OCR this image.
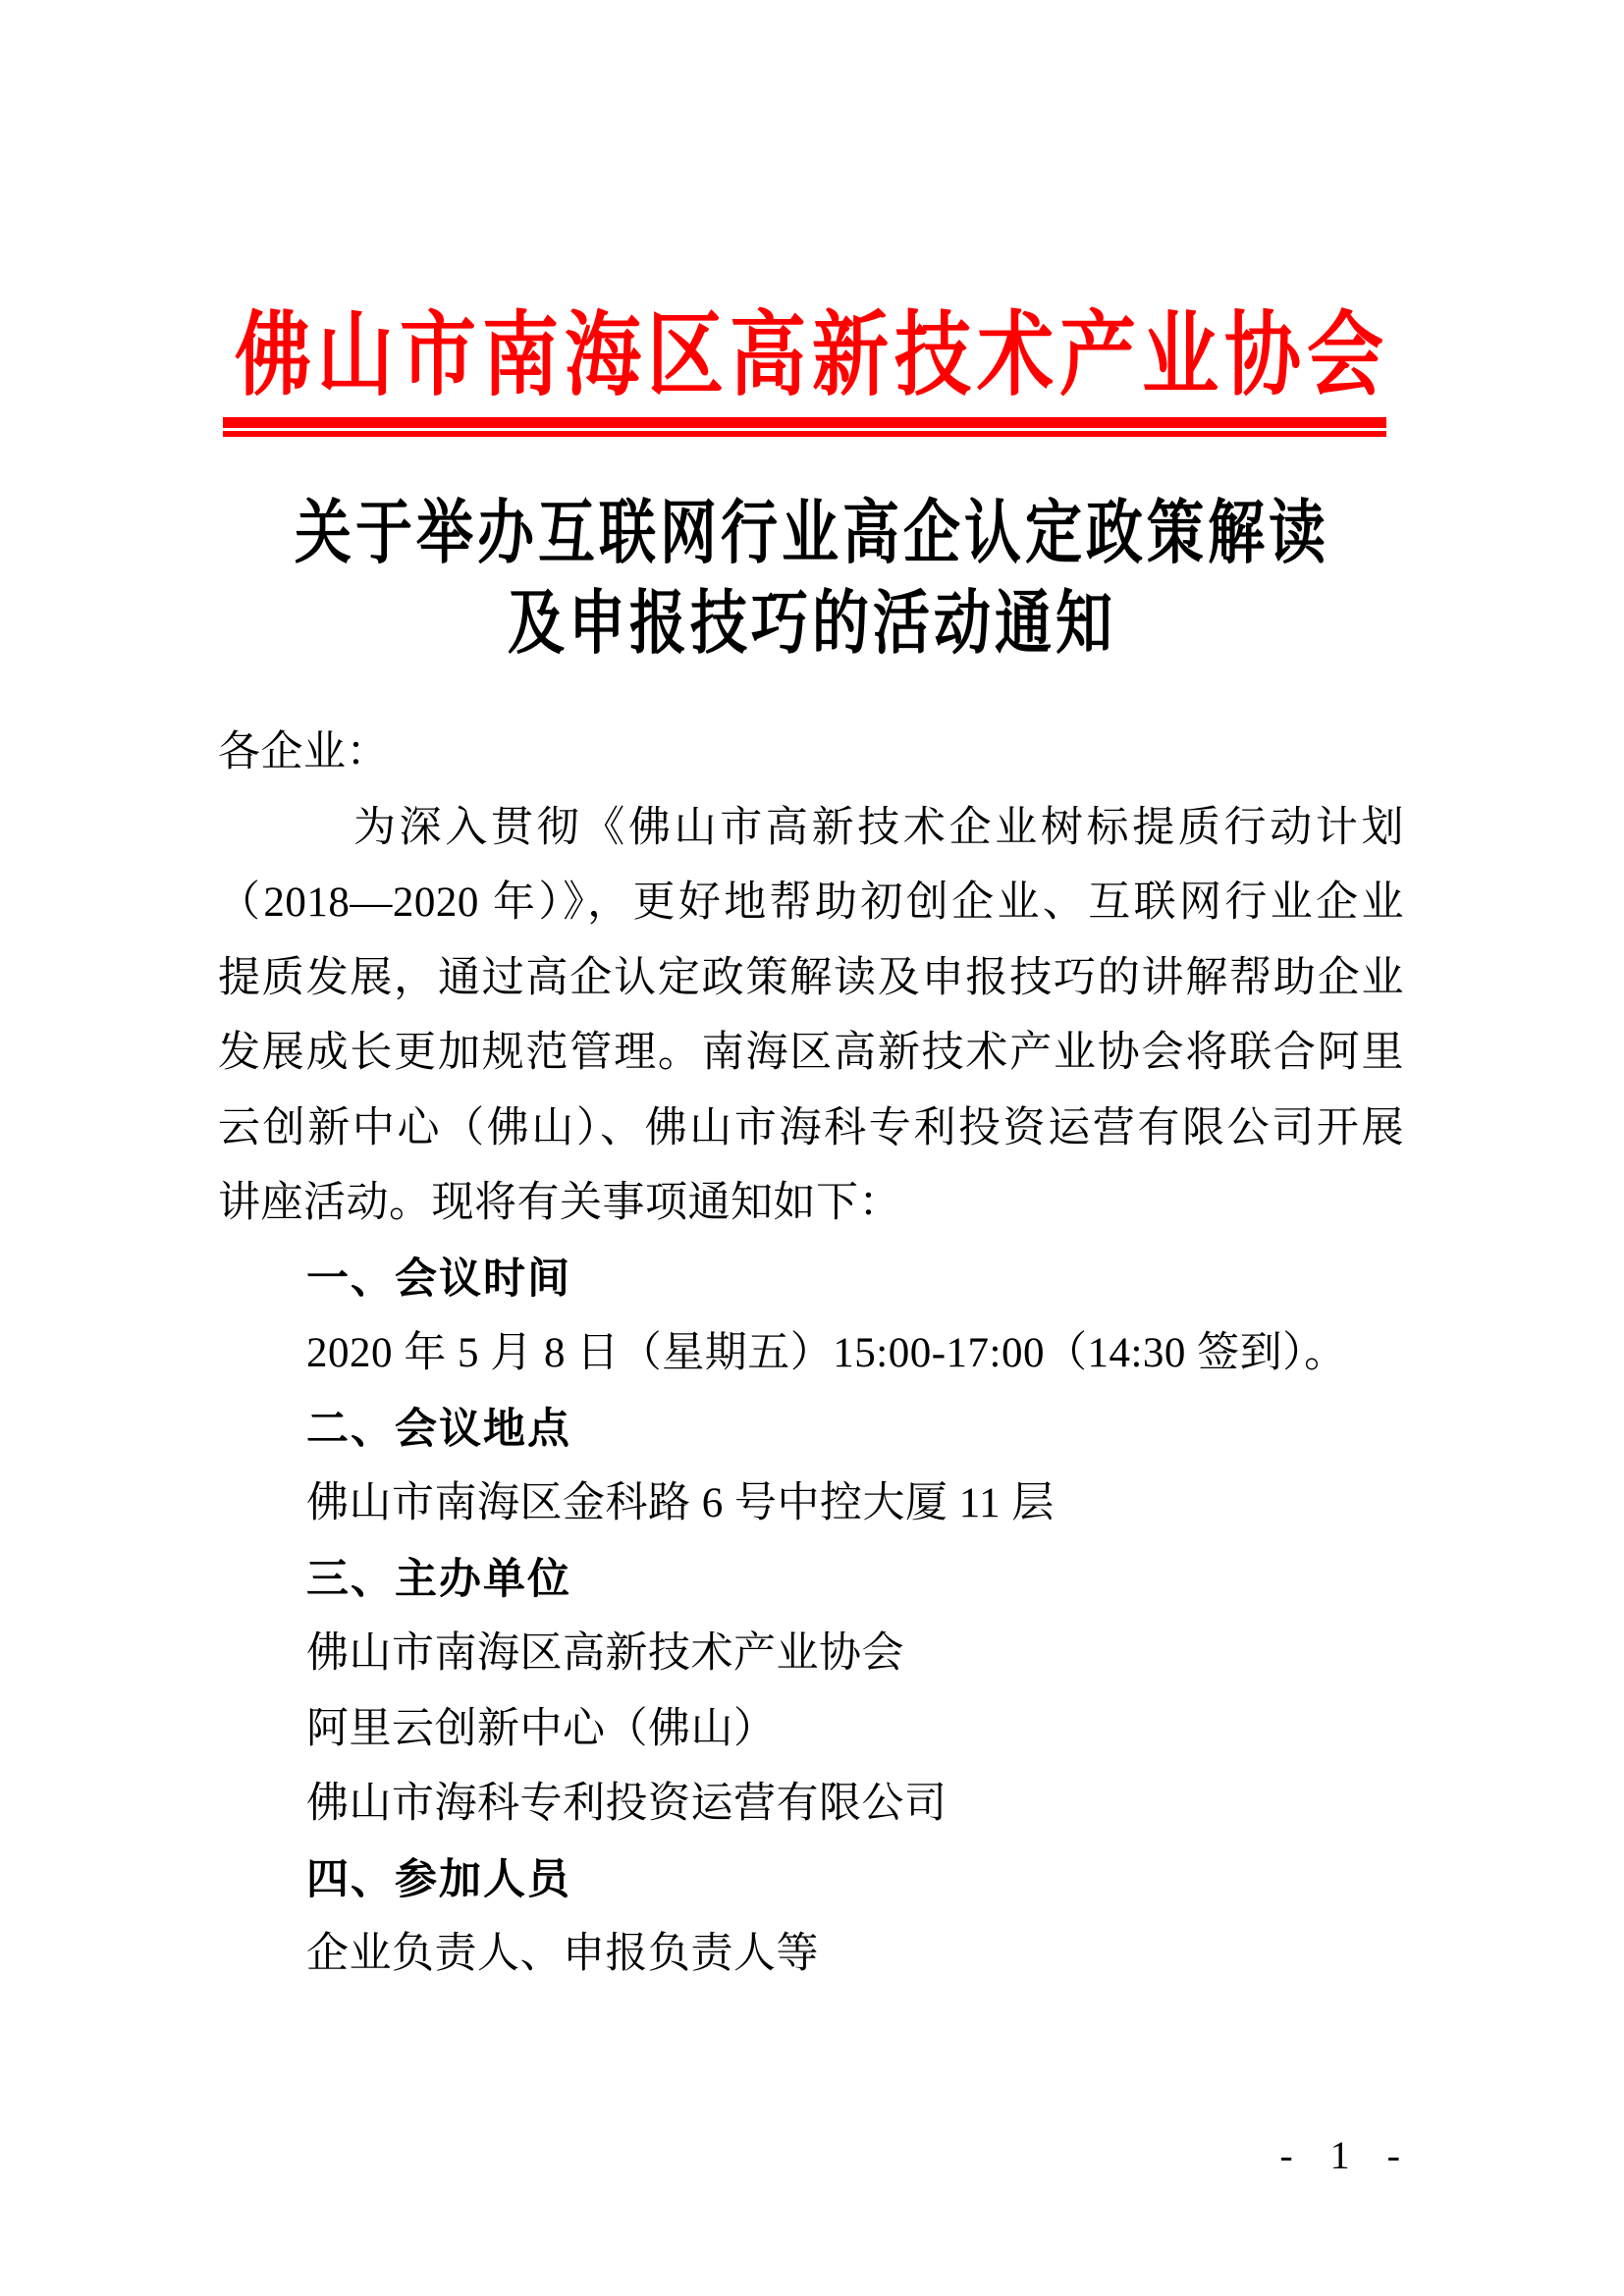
佛山市南海区高新技术产业协会
关于举办互联网行业高企认定政策解读
及申报技巧的活动通知
各企业：
为深入贯彻《佛山市高新技术企业树标提质行动计划
（2018—2020 年）》，更好地帮助初创企业、互联网行业企业
提质发展，通过高企认定政策解读及申报技巧的讲解帮助企业
发展成长更加规范管理。南海区高新技术产业协会将联合阿里
云创新中心（佛山）、佛山市海科专利投资运营有限公司开展
讲座活动。现将有关事项通知如下：
一、会议时间
2020 年 5 月 8 日（星期五）15:00-17:00（14:30 签到）。
二、会议地点
佛山市南海区金科路 6 号中控大厦 11 层
三、主办单位
佛山市南海区高新技术产业协会
阿里云创新中心（佛山）
佛山市海科专利投资运营有限公司
四、参加人员
企业负责人、申报负责人等
- 1 -
